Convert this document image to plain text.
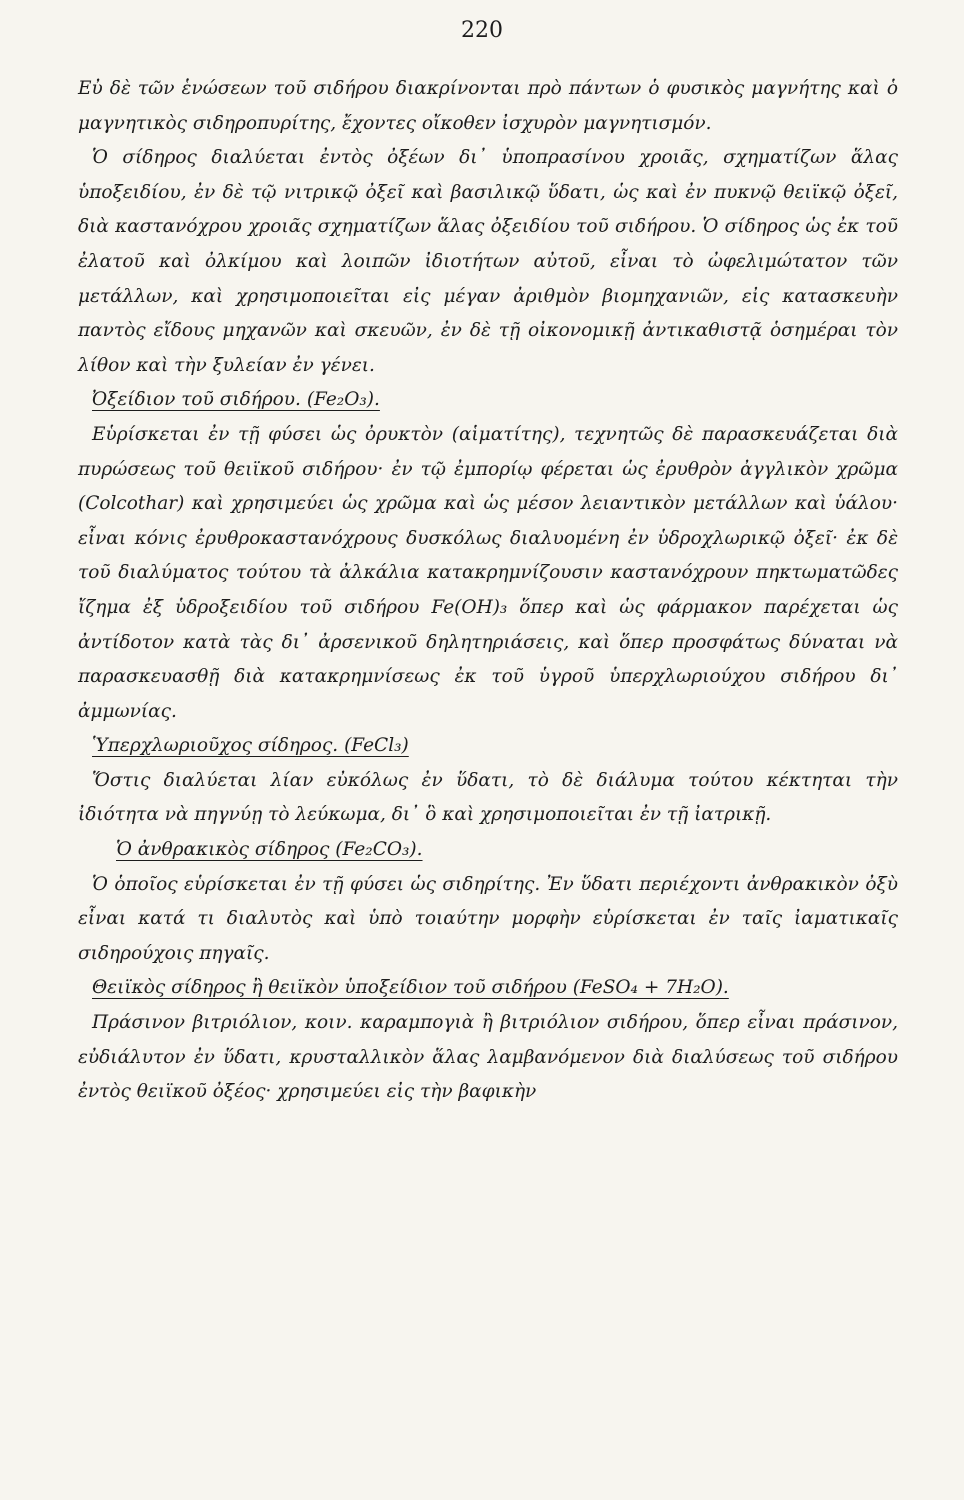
220

Εὐ δὲ τῶν ἑνώσεων τοῦ σιδήρου διακρίνονται πρὸ πάντων ὁ φυσικὸς μαγνήτης καὶ ὁ μαγνητικὸς σιδηροπυρίτης, ἔχοντες οἴκοθεν ἰσχυρὸν μαγνητισμόν.

Ὁ σίδηρος διαλύεται ἐντὸς ὀξέων δι᾽ ὑποπρασίνου χροιᾶς, σχηματίζων ἅλας ὑποξειδίου, ἐν δὲ τῷ νιτρικῷ ὀξεῖ καὶ βασιλικῷ ὕδατι, ὡς καὶ ἐν πυκνῷ θειϊκῷ ὀξεῖ, διὰ καστανόχρου χροιᾶς σχηματίζων ἅλας ὀξειδίου τοῦ σιδήρου. Ὁ σίδηρος ὡς ἐκ τοῦ ἐλατοῦ καὶ ὀλκίμου καὶ λοιπῶν ἰδιοτήτων αὐτοῦ, εἶναι τὸ ὠφελιμώτατον τῶν μετάλλων, καὶ χρησιμοποιεῖται εἰς μέγαν ἀριθμὸν βιομηχανιῶν, εἰς κατασκευὴν παντὸς εἴδους μηχανῶν καὶ σκευῶν, ἐν δὲ τῇ οἰκονομικῇ ἀντικαθιστᾷ ὁσημέραι τὸν λίθον καὶ τὴν ξυλείαν ἐν γένει.

Ὀξείδιον τοῦ σιδήρου. (Fe₂O₃).

Εὑρίσκεται ἐν τῇ φύσει ὡς ὀρυκτὸν (αἱματίτης), τεχνητῶς δὲ παρασκευάζεται διὰ πυρώσεως τοῦ θειϊκοῦ σιδήρου· ἐν τῷ ἐμπορίῳ φέρεται ὡς ἐρυθρὸν ἀγγλικὸν χρῶμα (Colcothar) καὶ χρησιμεύει ὡς χρῶμα καὶ ὡς μέσον λειαντικὸν μετάλλων καὶ ὑάλου· εἶναι κόνις ἐρυθροκαστανόχρους δυσκόλως διαλυομένη ἐν ὑδροχλωρικῷ ὀξεῖ· ἐκ δὲ τοῦ διαλύματος τούτου τὰ ἀλκάλια κατακρημνίζουσιν καστανόχρουν πηκτωματῶδες ἴζημα ἐξ ὑδροξειδίου τοῦ σιδήρου Fe(OH)₃ ὅπερ καὶ ὡς φάρμακον παρέχεται ὡς ἀντίδοτον κατὰ τὰς δι᾽ ἀρσενικοῦ δηλητηριάσεις, καὶ ὅπερ προσφάτως δύναται νὰ παρασκευασθῇ διὰ κατακρημνίσεως ἐκ τοῦ ὑγροῦ ὑπερχλωριούχου σιδήρου δι᾽ ἀμμωνίας.

Ὑπερχλωριοῦχος σίδηρος. (FeCl₃)

Ὅστις διαλύεται λίαν εὐκόλως ἐν ὕδατι, τὸ δὲ διάλυμα τούτου κέκτηται τὴν ἰδιότητα νὰ πηγνύῃ τὸ λεύκωμα, δι᾽ ὃ καὶ χρησιμοποιεῖται ἐν τῇ ἰατρικῇ.

Ὁ ἀνθρακικὸς σίδηρος (Fe₂CO₃).

Ὁ ὁποῖος εὑρίσκεται ἐν τῇ φύσει ὡς σιδηρίτης. Ἐν ὕδατι περιέχοντι ἀνθρακικὸν ὀξὺ εἶναι κατά τι διαλυτὸς καὶ ὑπὸ τοιαύτην μορφὴν εὑρίσκεται ἐν ταῖς ἰαματικαῖς σιδηρούχοις πηγαῖς.

Θειϊκὸς σίδηρος ἢ θειϊκὸν ὑποξείδιον τοῦ σιδήρου (FeSO₄ + 7H₂O).

Πράσινον βιτριόλιον, κοιν. καραμπογιὰ ἢ βιτριόλιον σιδήρου, ὅπερ εἶναι πράσινον, εὐδιάλυτον ἐν ὕδατι, κρυσταλλικὸν ἅλας λαμβανόμενον διὰ διαλύσεως τοῦ σιδήρου ἐντὸς θειϊκοῦ ὀξέος· χρησιμεύει εἰς τὴν βαφικὴν
